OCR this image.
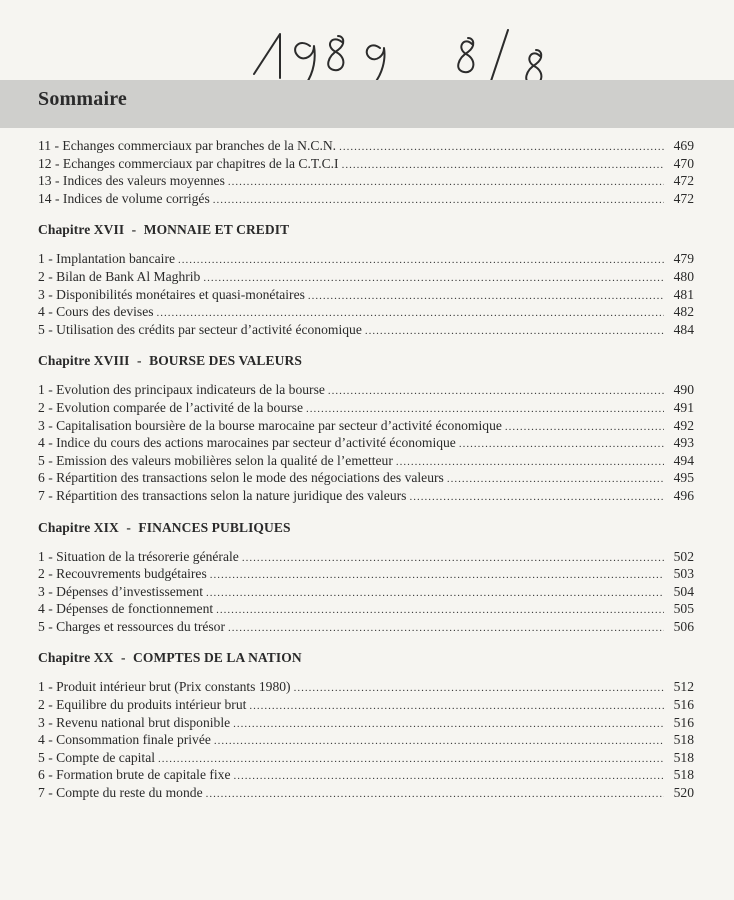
Sommaire
11 - Echanges commerciaux par branches de la N.C.N. .....	469
12 - Echanges commerciaux par chapitres de la C.T.C.I .....	470
13 - Indices des valeurs moyennes .....	472
14 - Indices de volume corrigés .....	472
Chapitre XVII - MONNAIE ET CREDIT
1 - Implantation bancaire .....	479
2 - Bilan de Bank Al Maghrib .....	480
3 - Disponibilités monétaires et quasi-monétaires .....	481
4 - Cours des devises .....	482
5 - Utilisation des crédits par secteur d’activité économique .....	484
Chapitre XVIII - BOURSE DES VALEURS
1 - Evolution des principaux indicateurs de la bourse .....	490
2 - Evolution comparée de l’activité de la bourse .....	491
3 - Capitalisation boursière de la bourse marocaine par secteur d’activité économique .....	492
4 - Indice du cours des actions marocaines par secteur d’activité économique .....	493
5 - Emission des valeurs mobilières selon la qualité de l’emetteur .....	494
6 - Répartition des transactions selon le mode des négociations des valeurs .....	495
7 - Répartition des transactions selon la nature juridique des valeurs .....	496
Chapitre XIX - FINANCES PUBLIQUES
1 - Situation de la trésorerie générale .....	502
2 - Recouvrements budgétaires .....	503
3 - Dépenses d’investissement .....	504
4 - Dépenses de fonctionnement .....	505
5 - Charges et ressources du trésor .....	506
Chapitre XX - COMPTES DE LA NATION
1 - Produit intérieur brut (Prix constants 1980) .....	512
2 - Equilibre du produits intérieur brut .....	516
3 - Revenu national brut disponible .....	516
4 - Consommation finale privée .....	518
5 - Compte de capital .....	518
6 - Formation brute de capitale fixe .....	518
7 - Compte du reste du monde .....	520
